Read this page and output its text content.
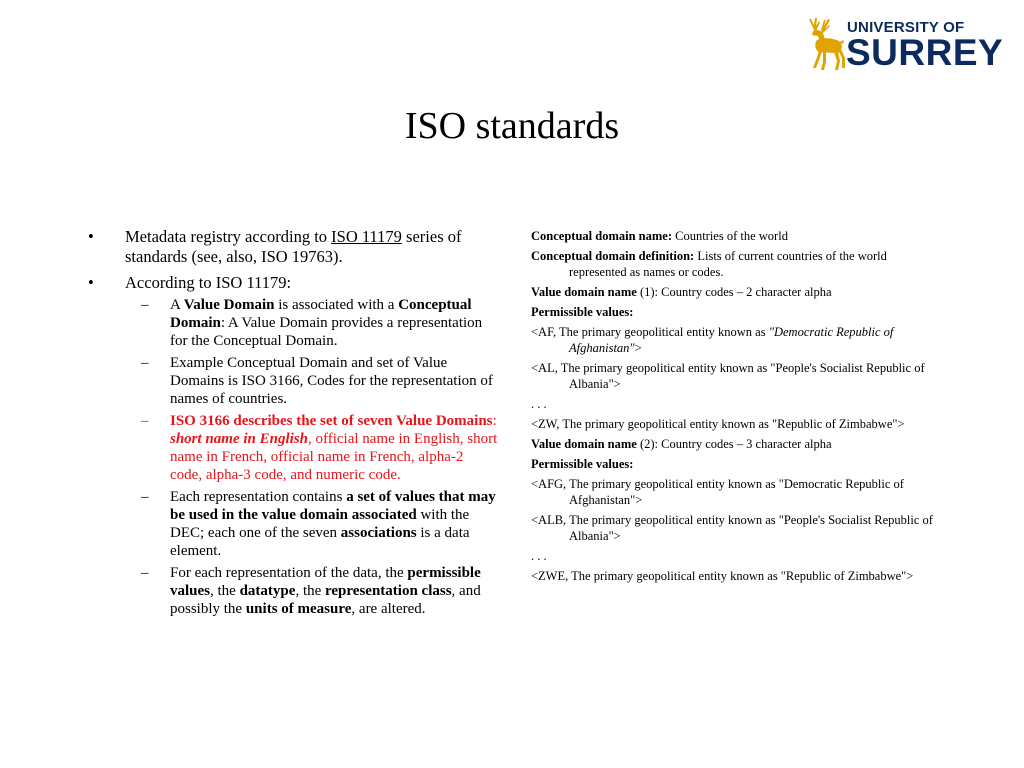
UNIVERSITY OF
SURREY
ISO standards
• Metadata registry according to ISO 11179 series of standards (see, also, ISO 19763).
• According to ISO 11179:
– A Value Domain is associated with a Conceptual Domain: A Value Domain provides a representation for the Conceptual Domain.
– Example Conceptual Domain and set of Value Domains is ISO 3166, Codes for the representation of names of countries.
– ISO 3166 describes the set of seven Value Domains: short name in English, official name in English, short name in French, official name in French, alpha-2 code, alpha-3 code, and numeric code.
– Each representation contains a set of values that may be used in the value domain associated with the DEC; each one of the seven associations is a data element.
– For each representation of the data, the permissible values, the datatype, the representation class, and possibly the units of measure, are altered.

Conceptual domain name: Countries of the world

Conceptual domain definition: Lists of current countries of the world represented as names or codes.

Value domain name (1): Country codes – 2 character alpha

Permissible values:

<AF, The primary geopolitical entity known as "Democratic Republic of Afghanistan">

<AL, The primary geopolitical entity known as "People's Socialist Republic of Albania">

. . .

<ZW, The primary geopolitical entity known as "Republic of Zimbabwe">

Value domain name (2): Country codes – 3 character alpha

Permissible values:

<AFG, The primary geopolitical entity known as "Democratic Republic of Afghanistan">

<ALB, The primary geopolitical entity known as "People's Socialist Republic of Albania">

. . .

<ZWE, The primary geopolitical entity known as "Republic of Zimbabwe">
